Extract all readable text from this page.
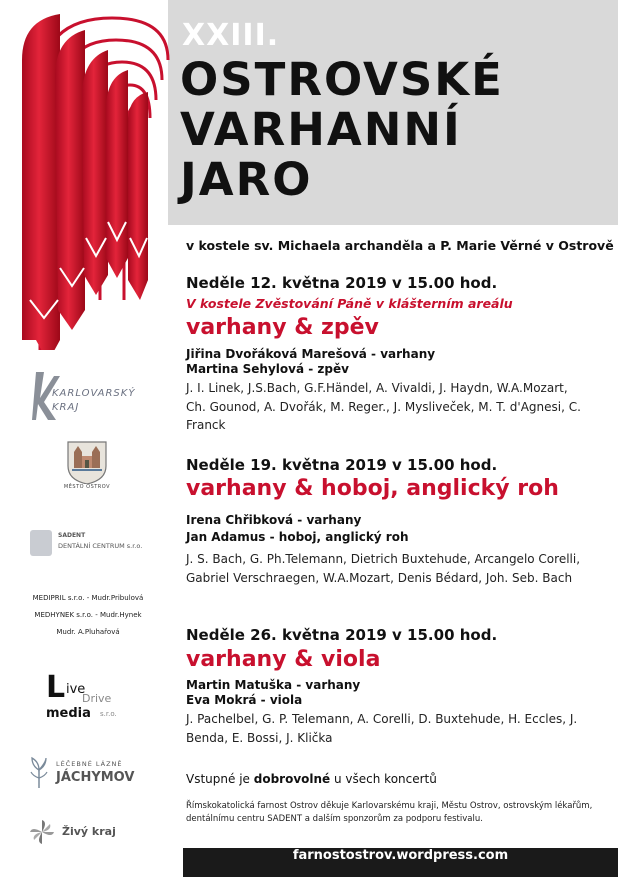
XXIII.
OSTROVSKÉ
VARHANNÍ
JARO
v kostele sv. Michaela archanděla a P. Marie Věrné v Ostrově
Neděle 12. května 2019 v 15.00 hod.
V kostele Zvěstování Páně v klášterním areálu
varhany & zpěv
Jiřina Dvořáková Marešová - varhany
Martina Sehylová - zpěv
J. I. Linek, J.S.Bach, G.F.Händel, A. Vivaldi, J. Haydn, W.A.Mozart, Ch. Gounod, A. Dvořák, M. Reger., J. Mysliveček, M. T. d'Agnesi, C. Franck
Neděle 19. května 2019 v 15.00 hod.
varhany & hoboj, anglický roh
Irena Chřibková - varhany
Jan Adamus - hoboj, anglický roh
J. S. Bach, G. Ph.Telemann, Dietrich Buxtehude, Arcangelo Corelli, Gabriel Verschraegen, W.A.Mozart, Denis Bédard, Joh. Seb. Bach
Neděle 26. května 2019 v 15.00 hod.
varhany & viola
Martin Matuška - varhany
Eva Mokrá - viola
J. Pachelbel, G. P. Telemann, A. Corelli, D. Buxtehude, H. Eccles, J. Benda, E. Bossi, J. Klička
Vstupné je dobrovolné u všech koncertů
Římskokatolická farnost Ostrov děkuje Karlovarskému kraji, Městu Ostrov, ostrovským lékařům, dentálnímu centru SADENT a dalším sponzorům za podporu festivalu.
farnostostrov.wordpress.com
KARLOVARSKÝ
KRAJ
MĚSTO OSTROV
SADENT
DENTÁLNÍ CENTRUM s.r.o.
MEDIPRIL s.r.o. - Mudr.Pribulová
MEDHYNEK s.r.o. - Mudr.Hynek
Mudr. A.Pluhařová
L ive
Drive
media s.r.o.
LÉČEBNÉ LÁZNĚ
JÁCHYMOV
Živý kraj
